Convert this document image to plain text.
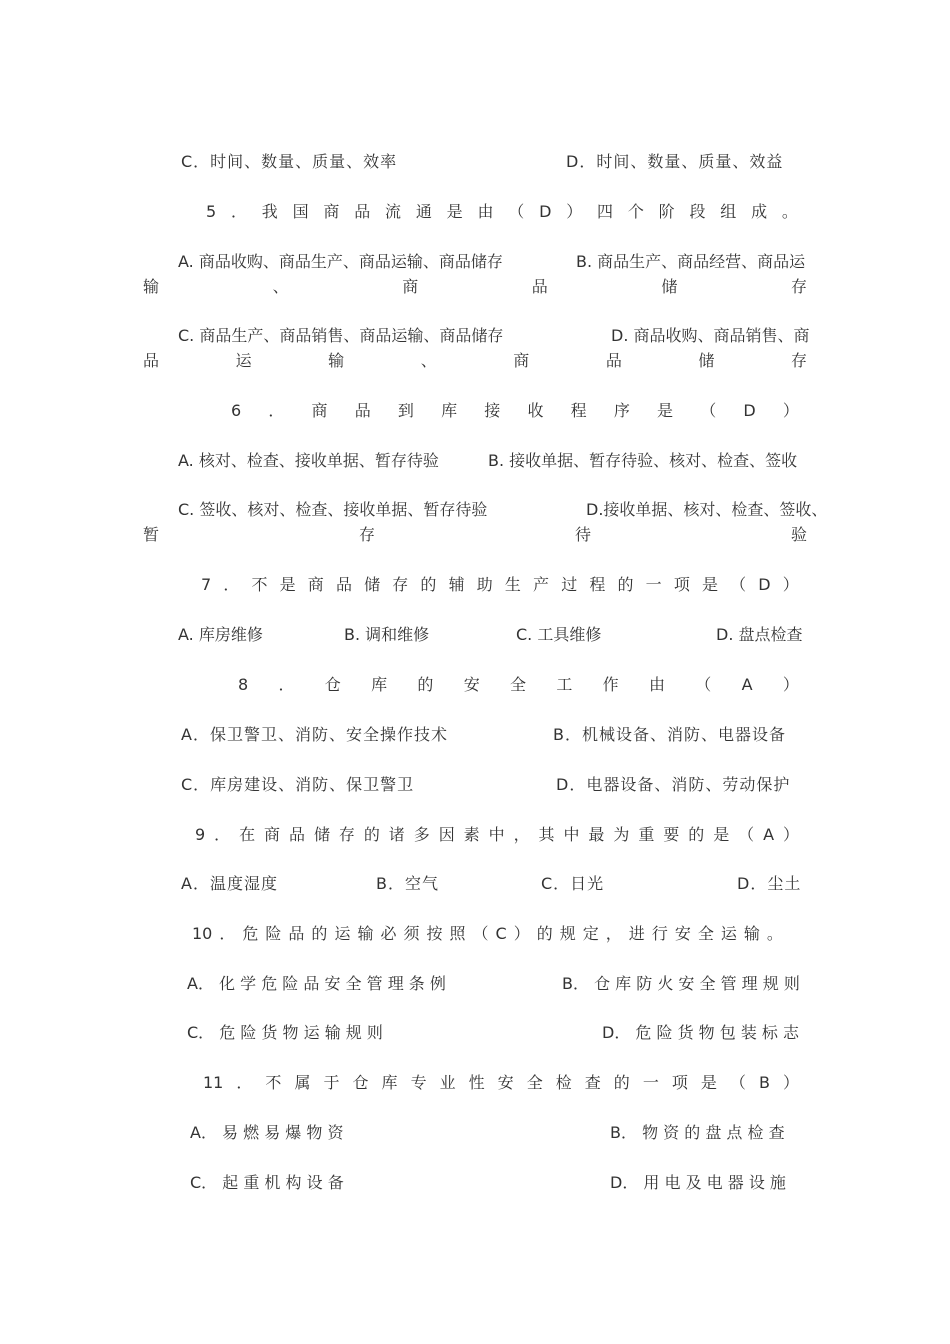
C．时间、数量、质量、效率	D．时间、数量、质量、效益
5 ． 我 国 商 品 流 通 是 由 （ D ） 四 个 阶 段 组 成 。
A. 商品收购、商品生产、商品运输、商品储存	B. 商品生产、商品经营、商品运
输	、	商	品	储	存
C. 商品生产、商品销售、商品运输、商品储存	D. 商品收购、商品销售、商
品	运	输	、	商	品	储	存
6 ． 商 品 到 库 接 收 程 序 是 （ D ）
A. 核对、检查、接收单据、暂存待验	B. 接收单据、暂存待验、核对、检查、签收
C. 签收、核对、检查、接收单据、暂存待验	D.接收单据、核对、检查、签收、
暂	存	待	验
7 ． 不 是 商 品 储 存 的 辅 助 生 产 过 程 的 一 项 是 （ D ）
A. 库房维修	B. 调和维修	C. 工具维修	D. 盘点检查
8 ． 仓 库 的 安 全 工 作 由 （ A ）
A．保卫警卫、消防、安全操作技术	B．机械设备、消防、电器设备
C．库房建设、消防、保卫警卫	D．电器设备、消防、劳动保护
9 ． 在 商 品 储 存 的 诸 多 因 素 中 ， 其 中 最 为 重 要 的 是 （ A ）
A．温度湿度	B．空气	C．日光	D．尘土
10 ． 危 险 品 的 运 输 必 须 按 照 （ C ） 的 规 定 ， 进 行 安 全 运 输 。
A． 化 学 危 险 品 安 全 管 理 条 例	B． 仓 库 防 火 安 全 管 理 规 则
C． 危 险 货 物 运 输 规 则	D． 危 险 货 物 包 装 标 志
11 ． 不 属 于 仓 库 专 业 性 安 全 检 查 的 一 项 是 （ B ）
A． 易 燃 易 爆 物 资	B． 物 资 的 盘 点 检 查
C． 起 重 机 构 设 备	D． 用 电 及 电 器 设 施
